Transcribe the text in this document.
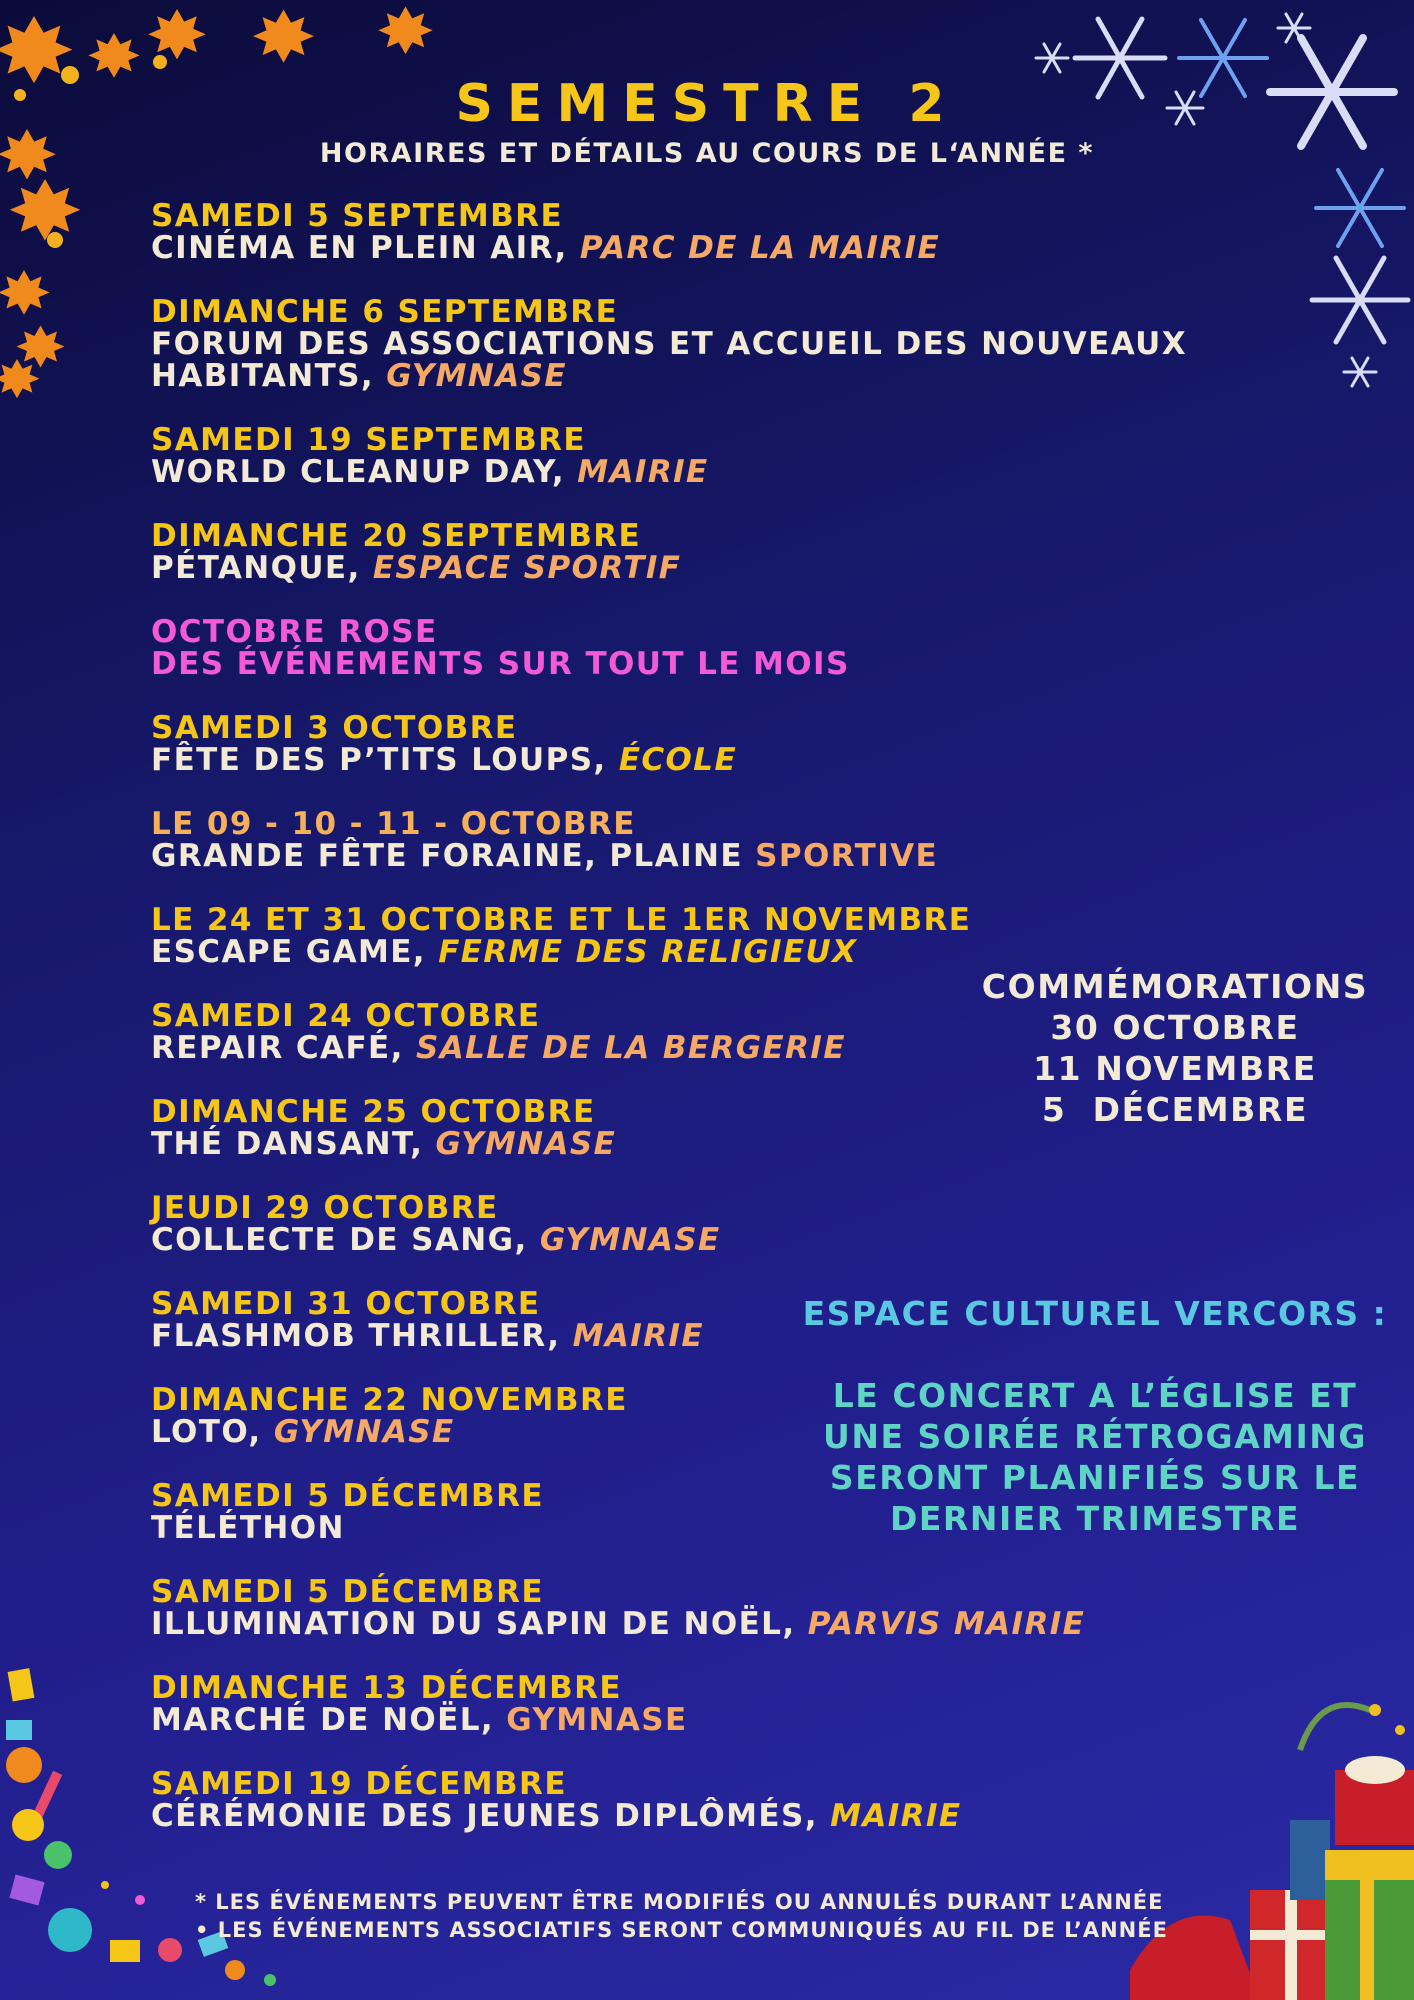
SEMESTRE 2
HORAIRES ET DÉTAILS AU COURS DE L‘ANNÉE *
SAMEDI 5 SEPTEMBRE
CINÉMA EN PLEIN AIR, PARC DE LA MAIRIE
DIMANCHE 6 SEPTEMBRE
FORUM DES ASSOCIATIONS ET ACCUEIL DES NOUVEAUX HABITANTS, GYMNASE
SAMEDI 19 SEPTEMBRE
WORLD CLEANUP DAY, MAIRIE
DIMANCHE 20 SEPTEMBRE
PÉTANQUE, ESPACE SPORTIF
OCTOBRE ROSE
DES ÉVÉNEMENTS SUR TOUT LE MOIS
SAMEDI 3 OCTOBRE
FÊTE DES P’TITS LOUPS, ÉCOLE
LE 09 - 10 - 11 - OCTOBRE
GRANDE FÊTE FORAINE, PLAINE SPORTIVE
LE 24 ET 31 OCTOBRE ET LE 1ER NOVEMBRE
ESCAPE GAME, FERME DES RELIGIEUX
SAMEDI 24 OCTOBRE
REPAIR CAFÉ, SALLE DE LA BERGERIE
DIMANCHE 25 OCTOBRE
THÉ DANSANT, GYMNASE
JEUDI 29 OCTOBRE
COLLECTE DE SANG, GYMNASE
SAMEDI 31 OCTOBRE
FLASHMOB THRILLER, MAIRIE
DIMANCHE 22 NOVEMBRE
LOTO, GYMNASE
SAMEDI 5 DÉCEMBRE
TÉLÉTHON
SAMEDI 5 DÉCEMBRE
ILLUMINATION DU SAPIN DE NOËL, PARVIS MAIRIE
DIMANCHE 13 DÉCEMBRE
MARCHÉ DE NOËL, GYMNASE
SAMEDI 19 DÉCEMBRE
CÉRÉMONIE DES JEUNES DIPLÔMÉS, MAIRIE
COMMÉMORATIONS
30 OCTOBRE
11 NOVEMBRE
5  DÉCEMBRE
ESPACE CULTUREL VERCORS :
LE CONCERT A L’ÉGLISE ET
UNE SOIRÉE RÉTROGAMING
SERONT PLANIFIÉS SUR LE
DERNIER TRIMESTRE
* LES ÉVÉNEMENTS PEUVENT ÊTRE MODIFIÉS OU ANNULÉS DURANT L’ANNÉE
• LES ÉVÉNEMENTS ASSOCIATIFS SERONT COMMUNIQUÉS AU FIL DE L’ANNÉE
